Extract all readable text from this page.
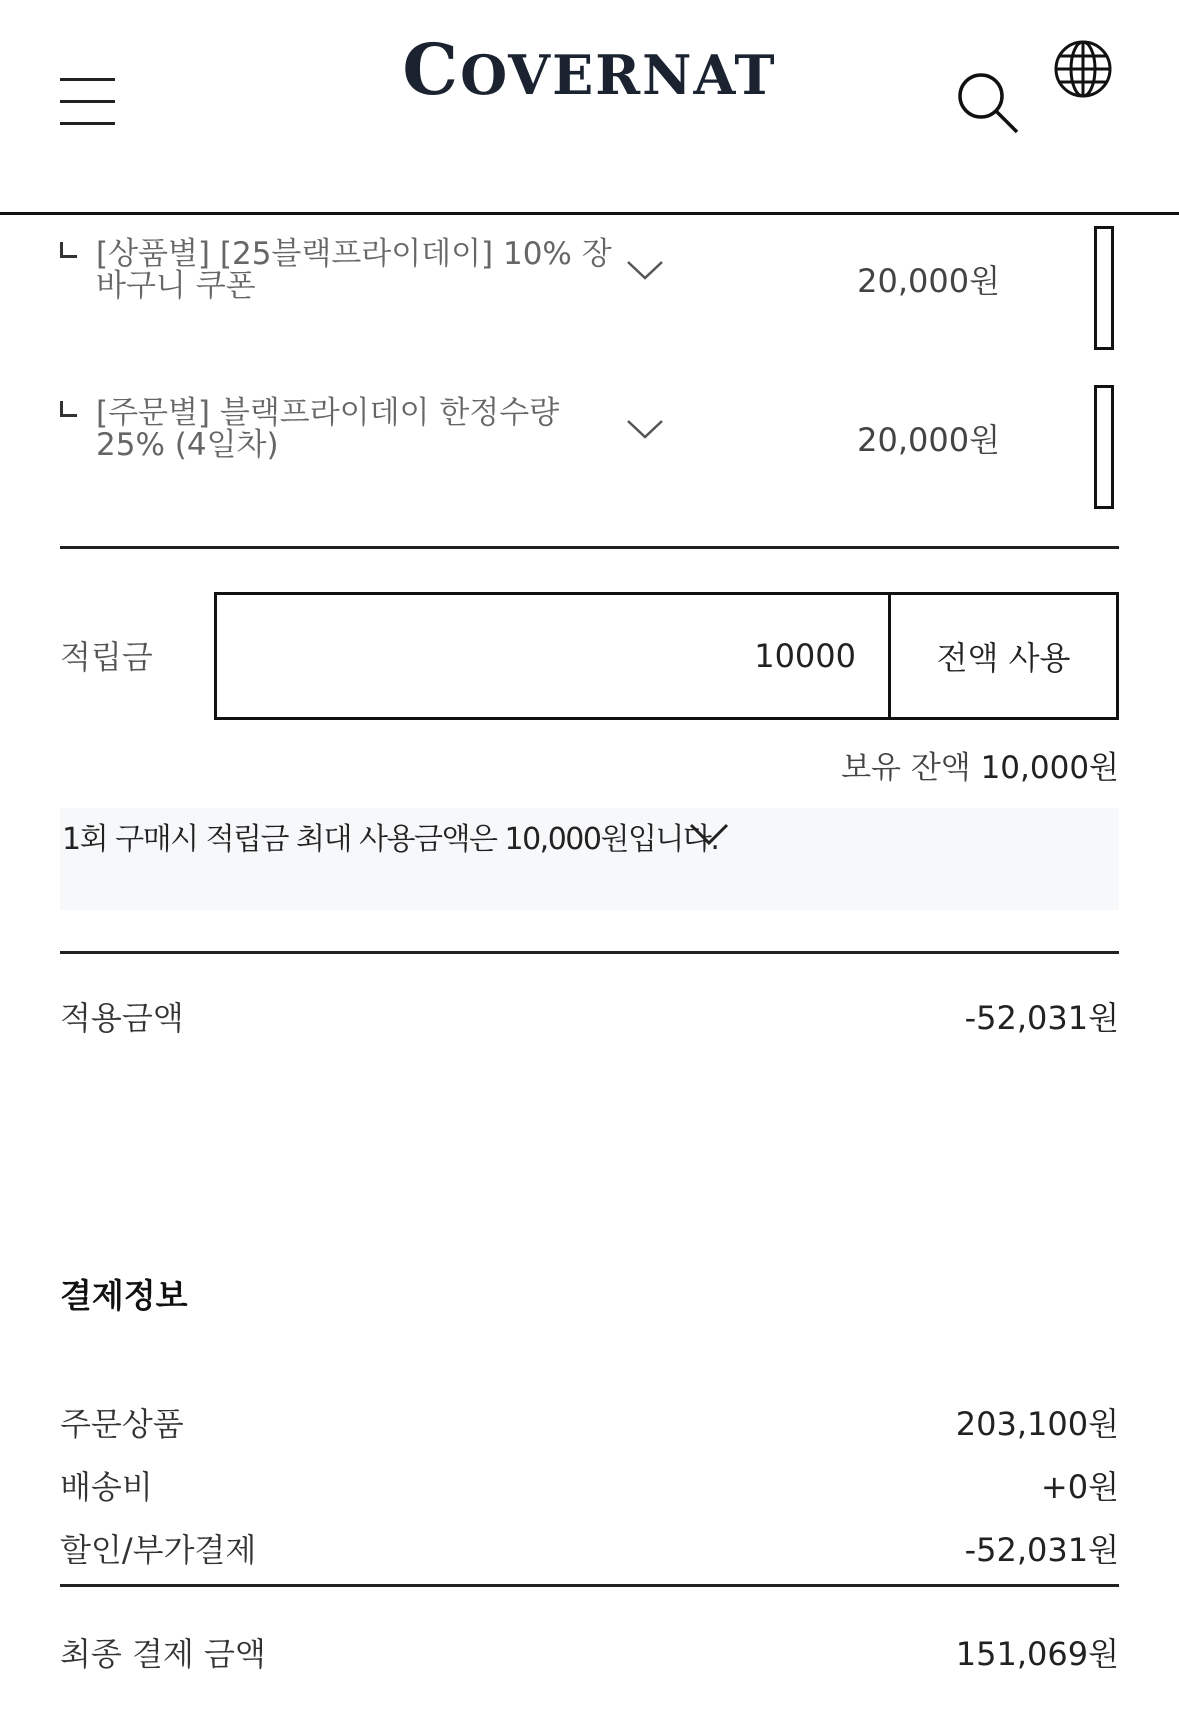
COVERNAT
[상품별] [25블랙프라이데이] 10% 장바구니 쿠폰	20,000원
[주문별] 블랙프라이데이 한정수량 25% (4일차)	20,000원
적립금
10000	전액 사용
보유 잔액 10,000원
1회 구매시 적립금 최대 사용금액은 10,000원입니다.
적용금액	-52,031원
결제정보
주문상품	203,100원
배송비	+0원
할인/부가결제	-52,031원
최종 결제 금액	151,069원
